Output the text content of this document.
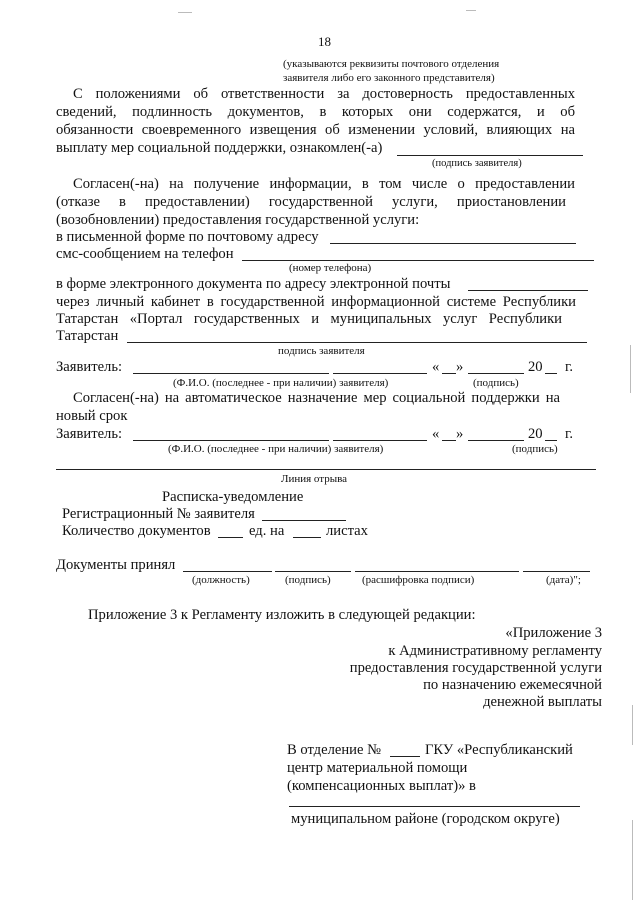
18
(указываются реквизиты почтового отделения
заявителя либо его законного представителя)
С положениями об ответственности за достоверность предоставленных
сведений, подлинность документов, в которых они содержатся, и об
обязанности своевременного извещения об изменении условий, влияющих на
выплату мер социальной поддержки, ознакомлен(-а)
(подпись заявителя)
Согласен(-на) на получение информации, в том числе о предоставлении
(отказе в предоставлении) государственной услуги, приостановлении
(возобновлении) предоставления государственной услуги:
в письменной форме по почтовому адресу
смс-сообщением на телефон
(номер телефона)
в форме электронного документа по адресу электронной почты
через личный кабинет в государственной информационной системе Республики
Татарстан «Портал государственных и муниципальных услуг Республики
Татарстан
подпись заявителя
Заявитель:	« »	20 г.
(Ф.И.О. (последнее - при наличии) заявителя)	(подпись)
Согласен(-на) на автоматическое назначение мер социальной поддержки на
новый срок
Заявитель:	« »	20 г.
(Ф.И.О. (последнее - при наличии) заявителя)	(подпись)
Линия отрыва
Расписка-уведомление
Регистрационный № заявителя
Количество документов	ед. на	листах
Документы принял
(должность)	(подпись)	(расшифровка подписи)	(дата)";
Приложение 3 к Регламенту изложить в следующей редакции:
«Приложение 3
к Административному регламенту
предоставления государственной услуги
по назначению ежемесячной
денежной выплаты
В отделение №	ГКУ «Республиканский
центр материальной помощи
(компенсационных выплат)» в
муниципальном районе (городском округе)
